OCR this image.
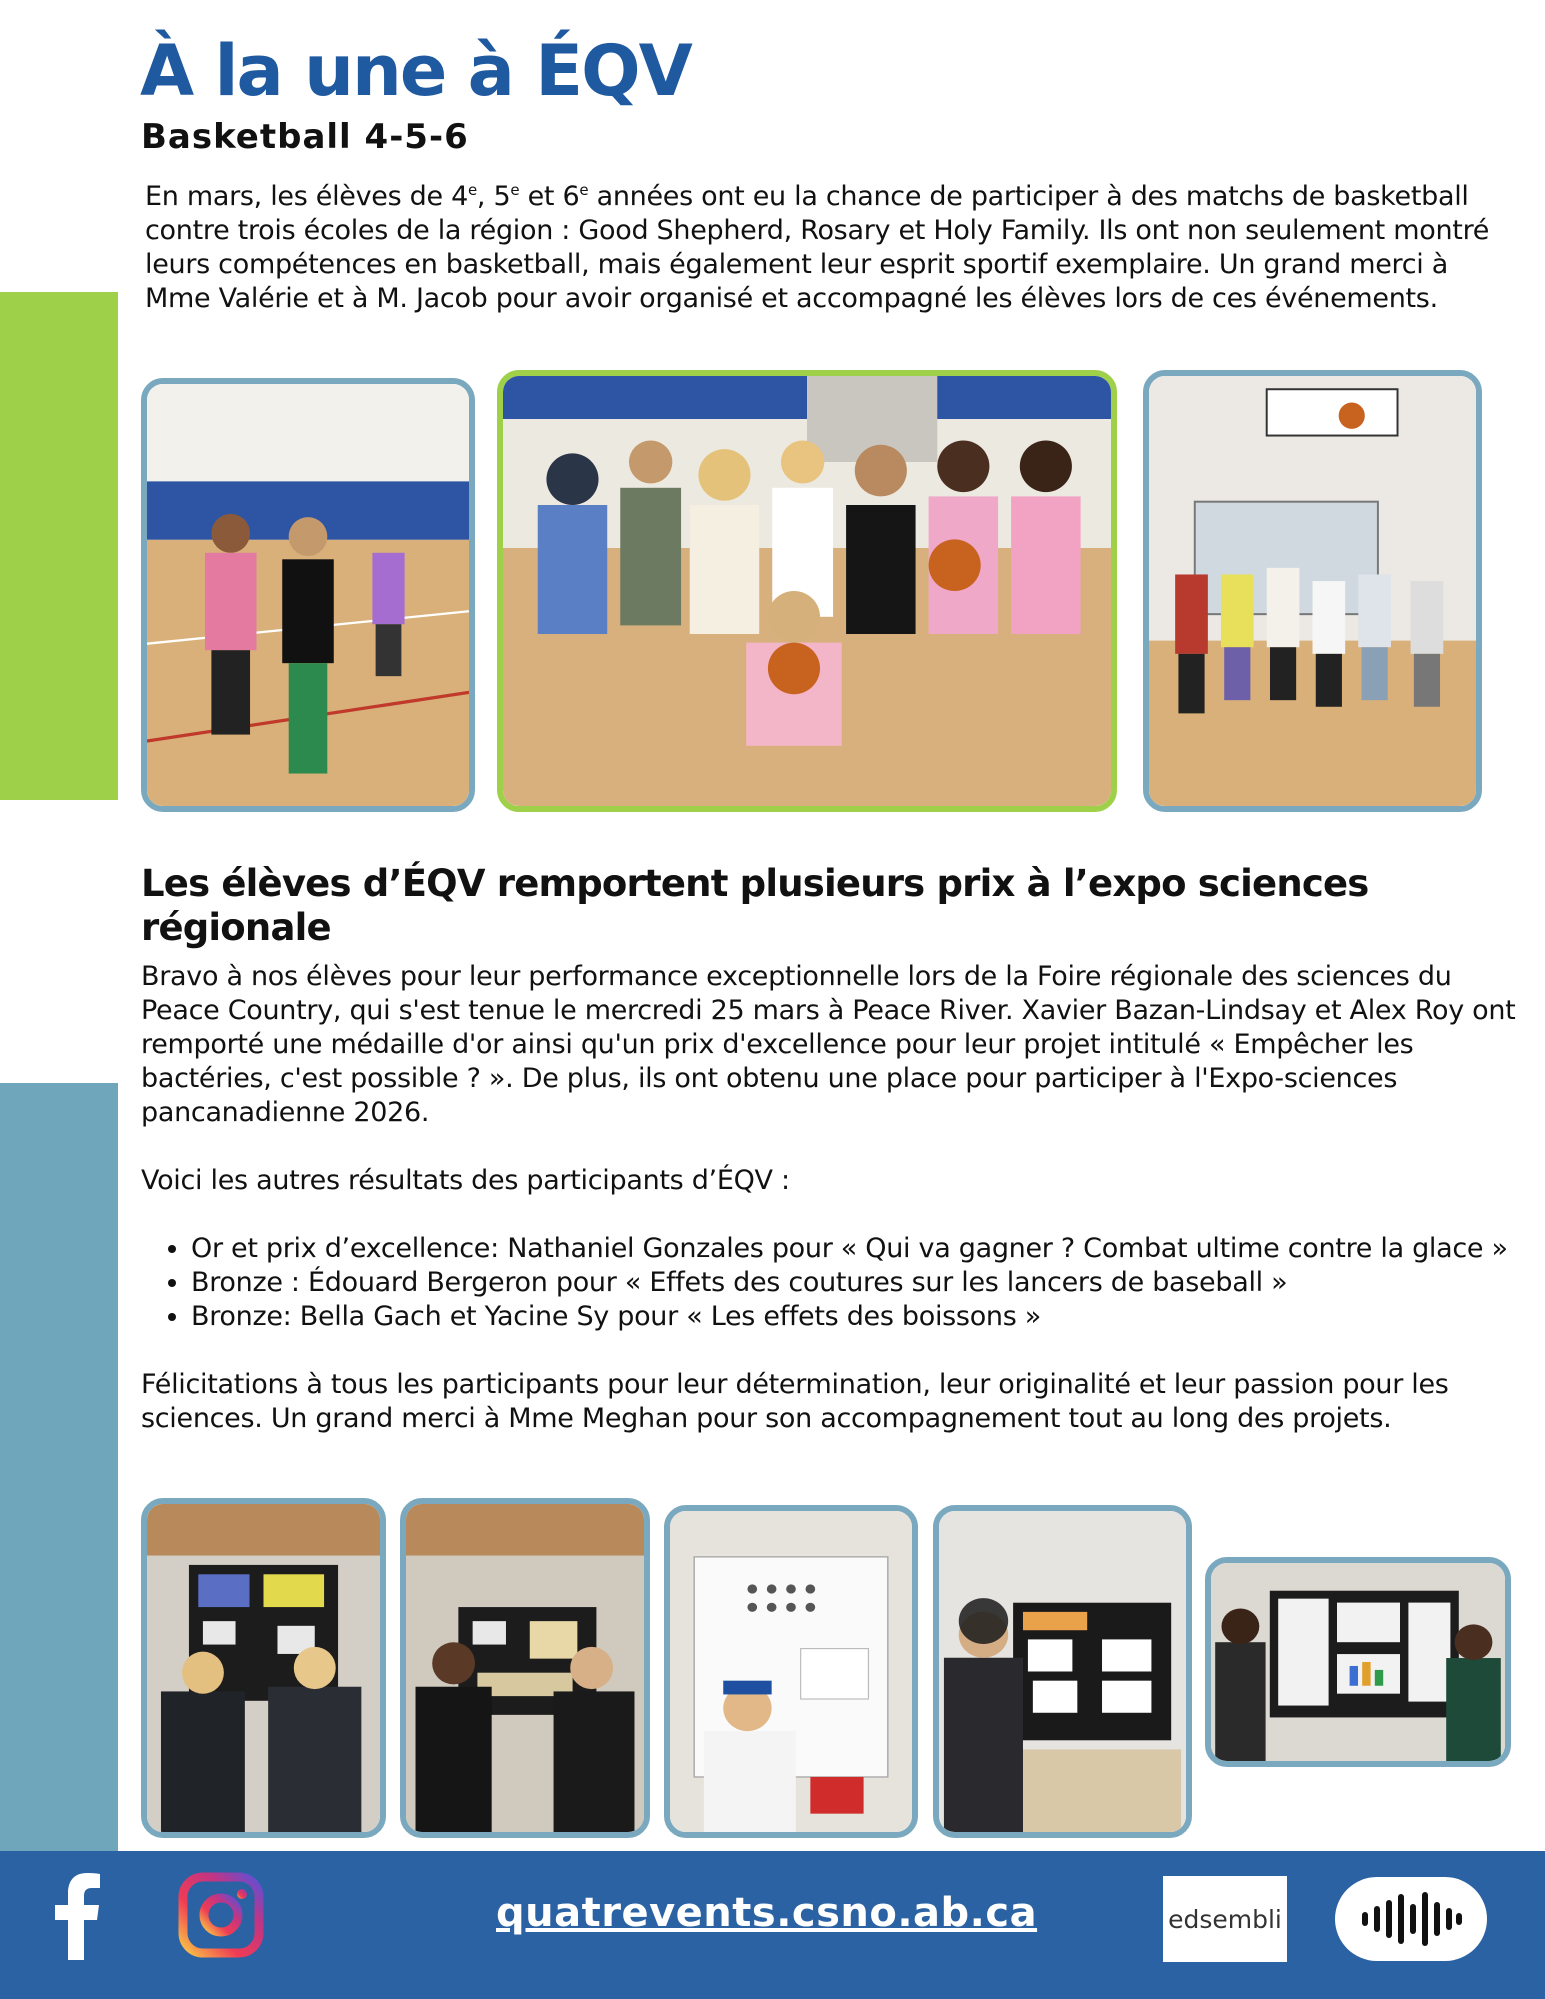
À la une à ÉQV
Basketball 4-5-6

En mars, les élèves de 4e, 5e et 6e années ont eu la chance de participer à des matchs de basketball contre trois écoles de la région : Good Shepherd, Rosary et Holy Family. Ils ont non seulement montré leurs compétences en basketball, mais également leur esprit sportif exemplaire. Un grand merci à Mme Valérie et à M. Jacob pour avoir organisé et accompagné les élèves lors de ces événements.

Les élèves d’ÉQV remportent plusieurs prix à l’expo sciences régionale

Bravo à nos élèves pour leur performance exceptionnelle lors de la Foire régionale des sciences du Peace Country, qui s'est tenue le mercredi 25 mars à Peace River. Xavier Bazan-Lindsay et Alex Roy ont remporté une médaille d'or ainsi qu'un prix d'excellence pour leur projet intitulé « Empêcher les bactéries, c'est possible ? ». De plus, ils ont obtenu une place pour participer à l'Expo-sciences pancanadienne 2026.

Voici les autres résultats des participants d’ÉQV :

• Or et prix d’excellence: Nathaniel Gonzales pour « Qui va gagner ? Combat ultime contre la glace »
• Bronze : Édouard Bergeron pour « Effets des coutures sur les lancers de baseball »
• Bronze: Bella Gach et Yacine Sy pour « Les effets des boissons »

Félicitations à tous les participants pour leur détermination, leur originalité et leur passion pour les sciences. Un grand merci à Mme Meghan pour son accompagnement tout au long des projets.

quatrevents.csno.ab.ca	edsembli
